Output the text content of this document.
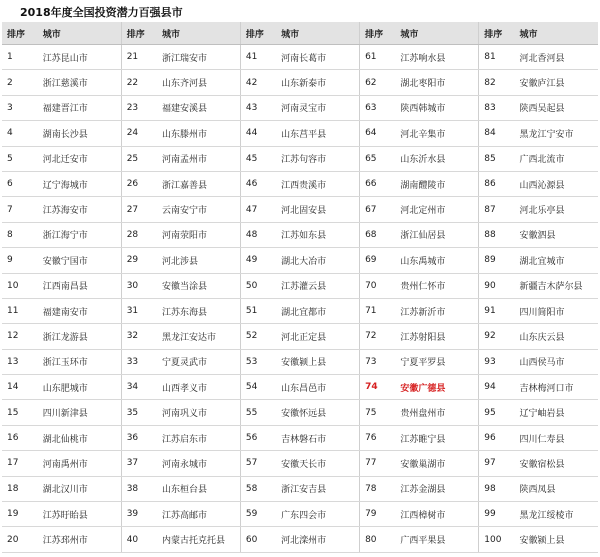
2018年度全国投资潜力百强县市
排序	城市	排序	城市	排序	城市	排序	城市	排序	城市
1	江苏昆山市	21	浙江瑞安市	41	河南长葛市	61	江苏响水县	81	河北香河县
2	浙江慈溪市	22	山东齐河县	42	山东新泰市	62	湖北枣阳市	82	安徽庐江县
3	福建晋江市	23	福建安溪县	43	河南灵宝市	63	陕西韩城市	83	陕西吴起县
4	湖南长沙县	24	山东滕州市	44	山东莒平县	64	河北辛集市	84	黑龙江宁安市
5	河北迁安市	25	河南孟州市	45	江苏句容市	65	山东沂水县	85	广西北流市
6	辽宁海城市	26	浙江嘉善县	46	江西贵溪市	66	湖南醴陵市	86	山西沁源县
7	江苏海安市	27	云南安宁市	47	河北固安县	67	河北定州市	87	河北乐亭县
8	浙江海宁市	28	河南荥阳市	48	江苏如东县	68	浙江仙居县	88	安徽泗县
9	安徽宁国市	29	河北涉县	49	湖北大冶市	69	山东禹城市	89	湖北宜城市
10	江西南昌县	30	安徽当涂县	50	江苏灌云县	70	贵州仁怀市	90	新疆吉木萨尔县
11	福建南安市	31	江苏东海县	51	湖北宜都市	71	江苏新沂市	91	四川简阳市
12	浙江龙游县	32	黑龙江安达市	52	河北正定县	72	江苏射阳县	92	山东庆云县
13	浙江玉环市	33	宁夏灵武市	53	安徽颍上县	73	宁夏平罗县	93	山西侯马市
14	山东肥城市	34	山西孝义市	54	山东昌邑市	74	安徽广德县	94	吉林梅河口市
15	四川新津县	35	河南巩义市	55	安徽怀远县	75	贵州盘州市	95	辽宁岫岩县
16	湖北仙桃市	36	江苏启东市	56	吉林磐石市	76	江苏睢宁县	96	四川仁寿县
17	河南禹州市	37	河南永城市	57	安徽天长市	77	安徽巢湖市	97	安徽宿松县
18	湖北汉川市	38	山东桓台县	58	浙江安吉县	78	江苏金湖县	98	陕西凤县
19	江苏盱眙县	39	江苏高邮市	59	广东四会市	79	江西樟树市	99	黑龙江绥棱市
20	江苏邳州市	40	内蒙古托克托县	60	河北滦州市	80	广西平果县	100	安徽颍上县
